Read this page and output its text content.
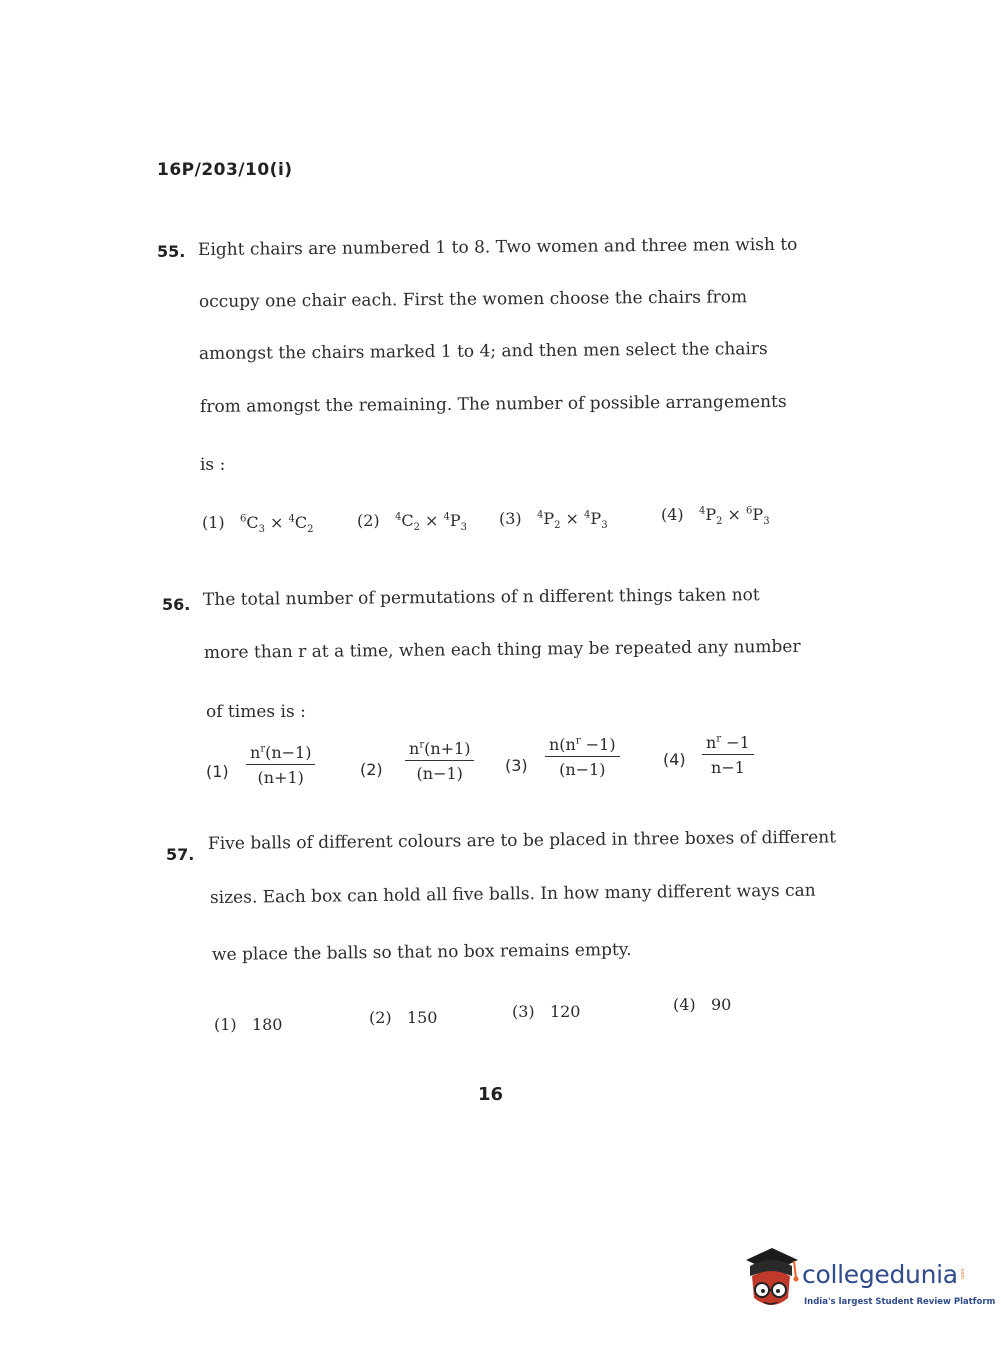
16P/203/10(i)
55. Eight chairs are numbered 1 to 8. Two women and three men wish to
occupy one chair each. First the women choose the chairs from
amongst the chairs marked 1 to 4; and then men select the chairs
from amongst the remaining. The number of possible arrangements
is :
(1) $^6C_3 \times ^4C_2$	(2) $^4C_2 \times ^4P_3$ (3) $^4P_2 \times ^4P_3$
(4) $^4P_2 \times ^6P_3$
56. The total number of permutations of n different things taken not
more than r at a time, when each thing may be repeated any number
of times is :
$(1) \frac{n^r(n-1)}{(n+1)}$	$(2) \frac{n^r(n+1)}{(n-1)} (3) \frac{n(n^r -1)}{(n-1)}$	$(4) \frac{n^r -1}{n-1}$
57.
Five balls of different colours are to be placed in three boxes of different
sizes. Each box can hold all five balls. In how many different ways can
we place the balls so that no box remains empty.
(1) 180	(2) 150	(3) 120	(4) 90
16
collegedunia .com
India's largest Student Review Platform
